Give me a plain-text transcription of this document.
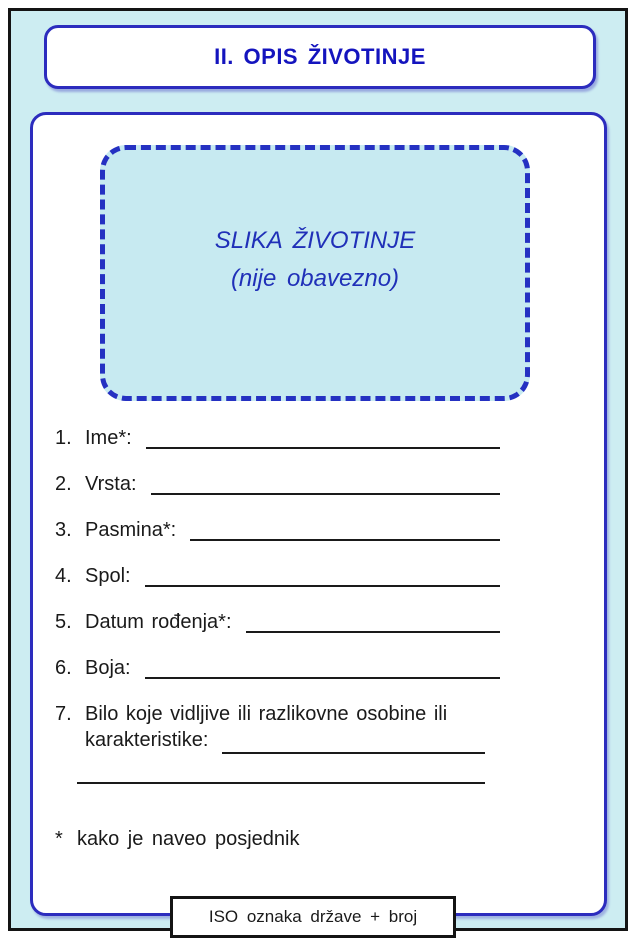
II. OPIS ŽIVOTINJE
SLIKA ŽIVOTINJE
(nije obavezno)
1. Ime*:
2. Vrsta:
3. Pasmina*:
4. Spol:
5. Datum rođenja*:
6. Boja:
7. Bilo koje vidljive ili razlikovne osobine ili
karakteristike:
* kako je naveo posjednik
ISO oznaka države + broj
